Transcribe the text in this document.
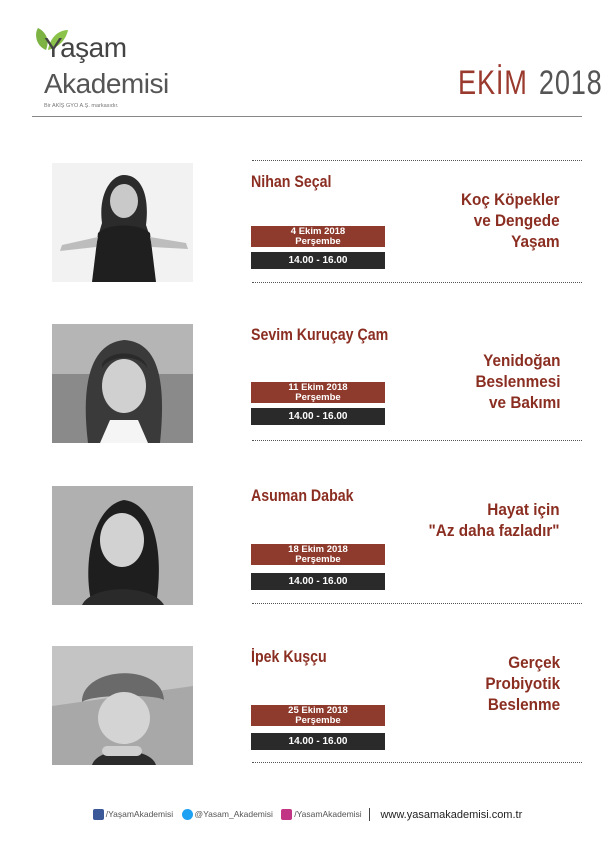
Yaşam
Akademisi
Bir AKİŞ GYO A.Ş. markasıdır.
EKİM 2018
Nihan Seçal
4 Ekim 2018
Perşembe
14.00 - 16.00
Koç Köpekler
ve Dengede
Yaşam
Sevim Kuruçay Çam
11 Ekim 2018
Perşembe
14.00 - 16.00
Yenidoğan
Beslenmesi
ve Bakımı
Asuman Dabak
18 Ekim 2018
Perşembe
14.00 - 16.00
Hayat için
"Az daha fazladır"
İpek Kuşçu
25 Ekim 2018
Perşembe
14.00 - 16.00
Gerçek
Probiyotik
Beslenme
/YaşamAkademisi	@Yasam_Akademisi	/YasamAkademisi www.yasamakademisi.com.tr
